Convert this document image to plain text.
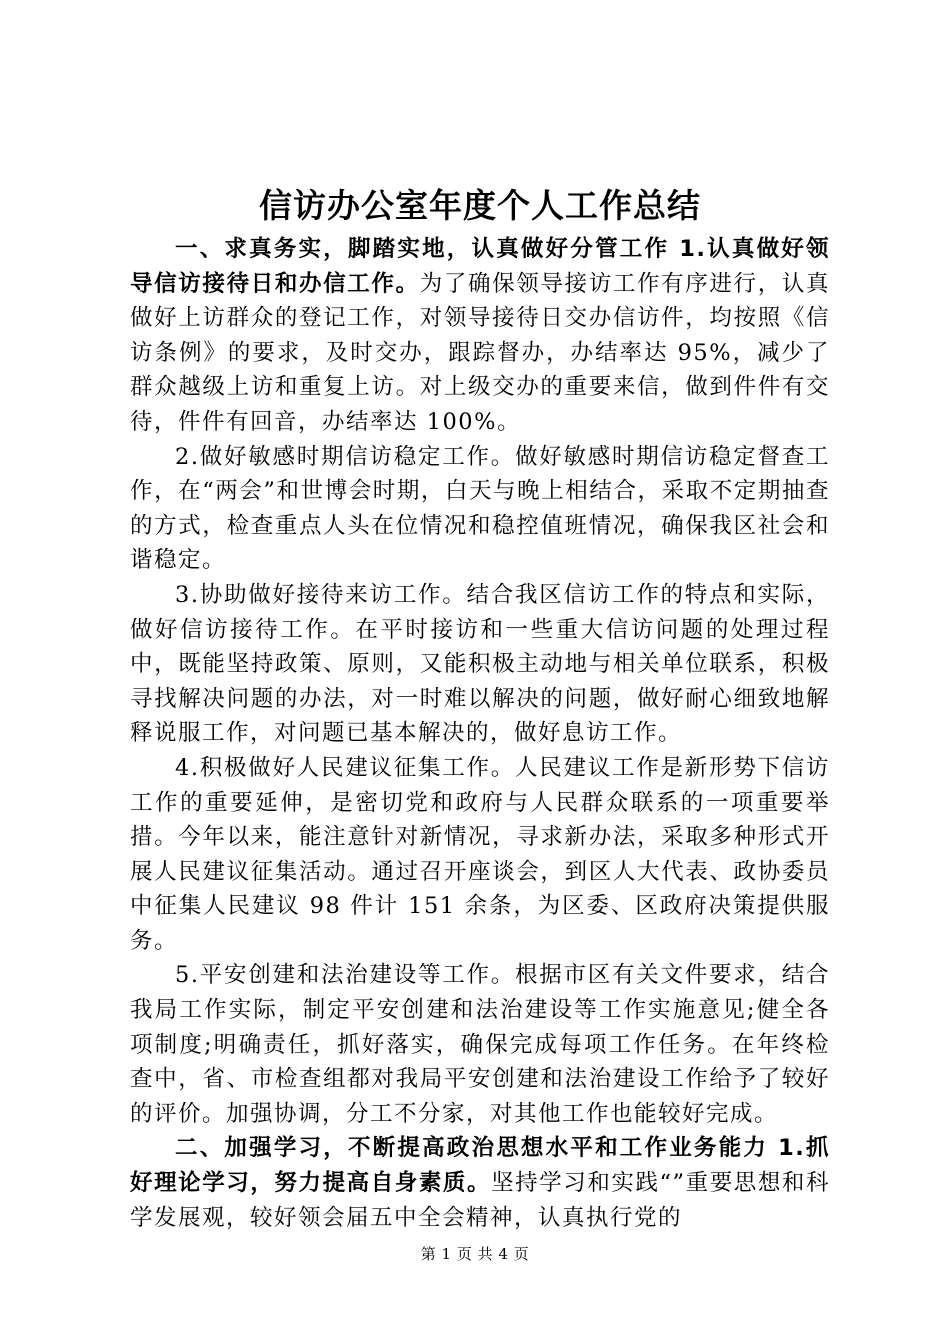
信访办公室年度个人工作总结

一、求真务实，脚踏实地，认真做好分管工作 1.认真做好领导信访接待日和办信工作。为了确保领导接访工作有序进行，认真做好上访群众的登记工作，对领导接待日交办信访件，均按照《信访条例》的要求，及时交办，跟踪督办，办结率达 95%，减少了群众越级上访和重复上访。对上级交办的重要来信，做到件件有交待，件件有回音，办结率达 100%。

2.做好敏感时期信访稳定工作。做好敏感时期信访稳定督查工作，在“两会”和世博会时期，白天与晚上相结合，采取不定期抽查的方式，检查重点人头在位情况和稳控值班情况，确保我区社会和谐稳定。

3.协助做好接待来访工作。结合我区信访工作的特点和实际，做好信访接待工作。在平时接访和一些重大信访问题的处理过程中，既能坚持政策、原则，又能积极主动地与相关单位联系，积极寻找解决问题的办法，对一时难以解决的问题，做好耐心细致地解释说服工作，对问题已基本解决的，做好息访工作。

4.积极做好人民建议征集工作。人民建议工作是新形势下信访工作的重要延伸，是密切党和政府与人民群众联系的一项重要举措。今年以来，能注意针对新情况，寻求新办法，采取多种形式开展人民建议征集活动。通过召开座谈会，到区人大代表、政协委员中征集人民建议 98 件计 151 余条，为区委、区政府决策提供服务。

5.平安创建和法治建设等工作。根据市区有关文件要求，结合我局工作实际，制定平安创建和法治建设等工作实施意见;健全各项制度;明确责任，抓好落实，确保完成每项工作任务。在年终检查中，省、市检查组都对我局平安创建和法治建设工作给予了较好的评价。加强协调，分工不分家，对其他工作也能较好完成。

二、加强学习，不断提高政治思想水平和工作业务能力 1.抓好理论学习，努力提高自身素质。坚持学习和实践“”重要思想和科学发展观，较好领会届五中全会精神，认真执行党的

第 1 页 共 4 页
